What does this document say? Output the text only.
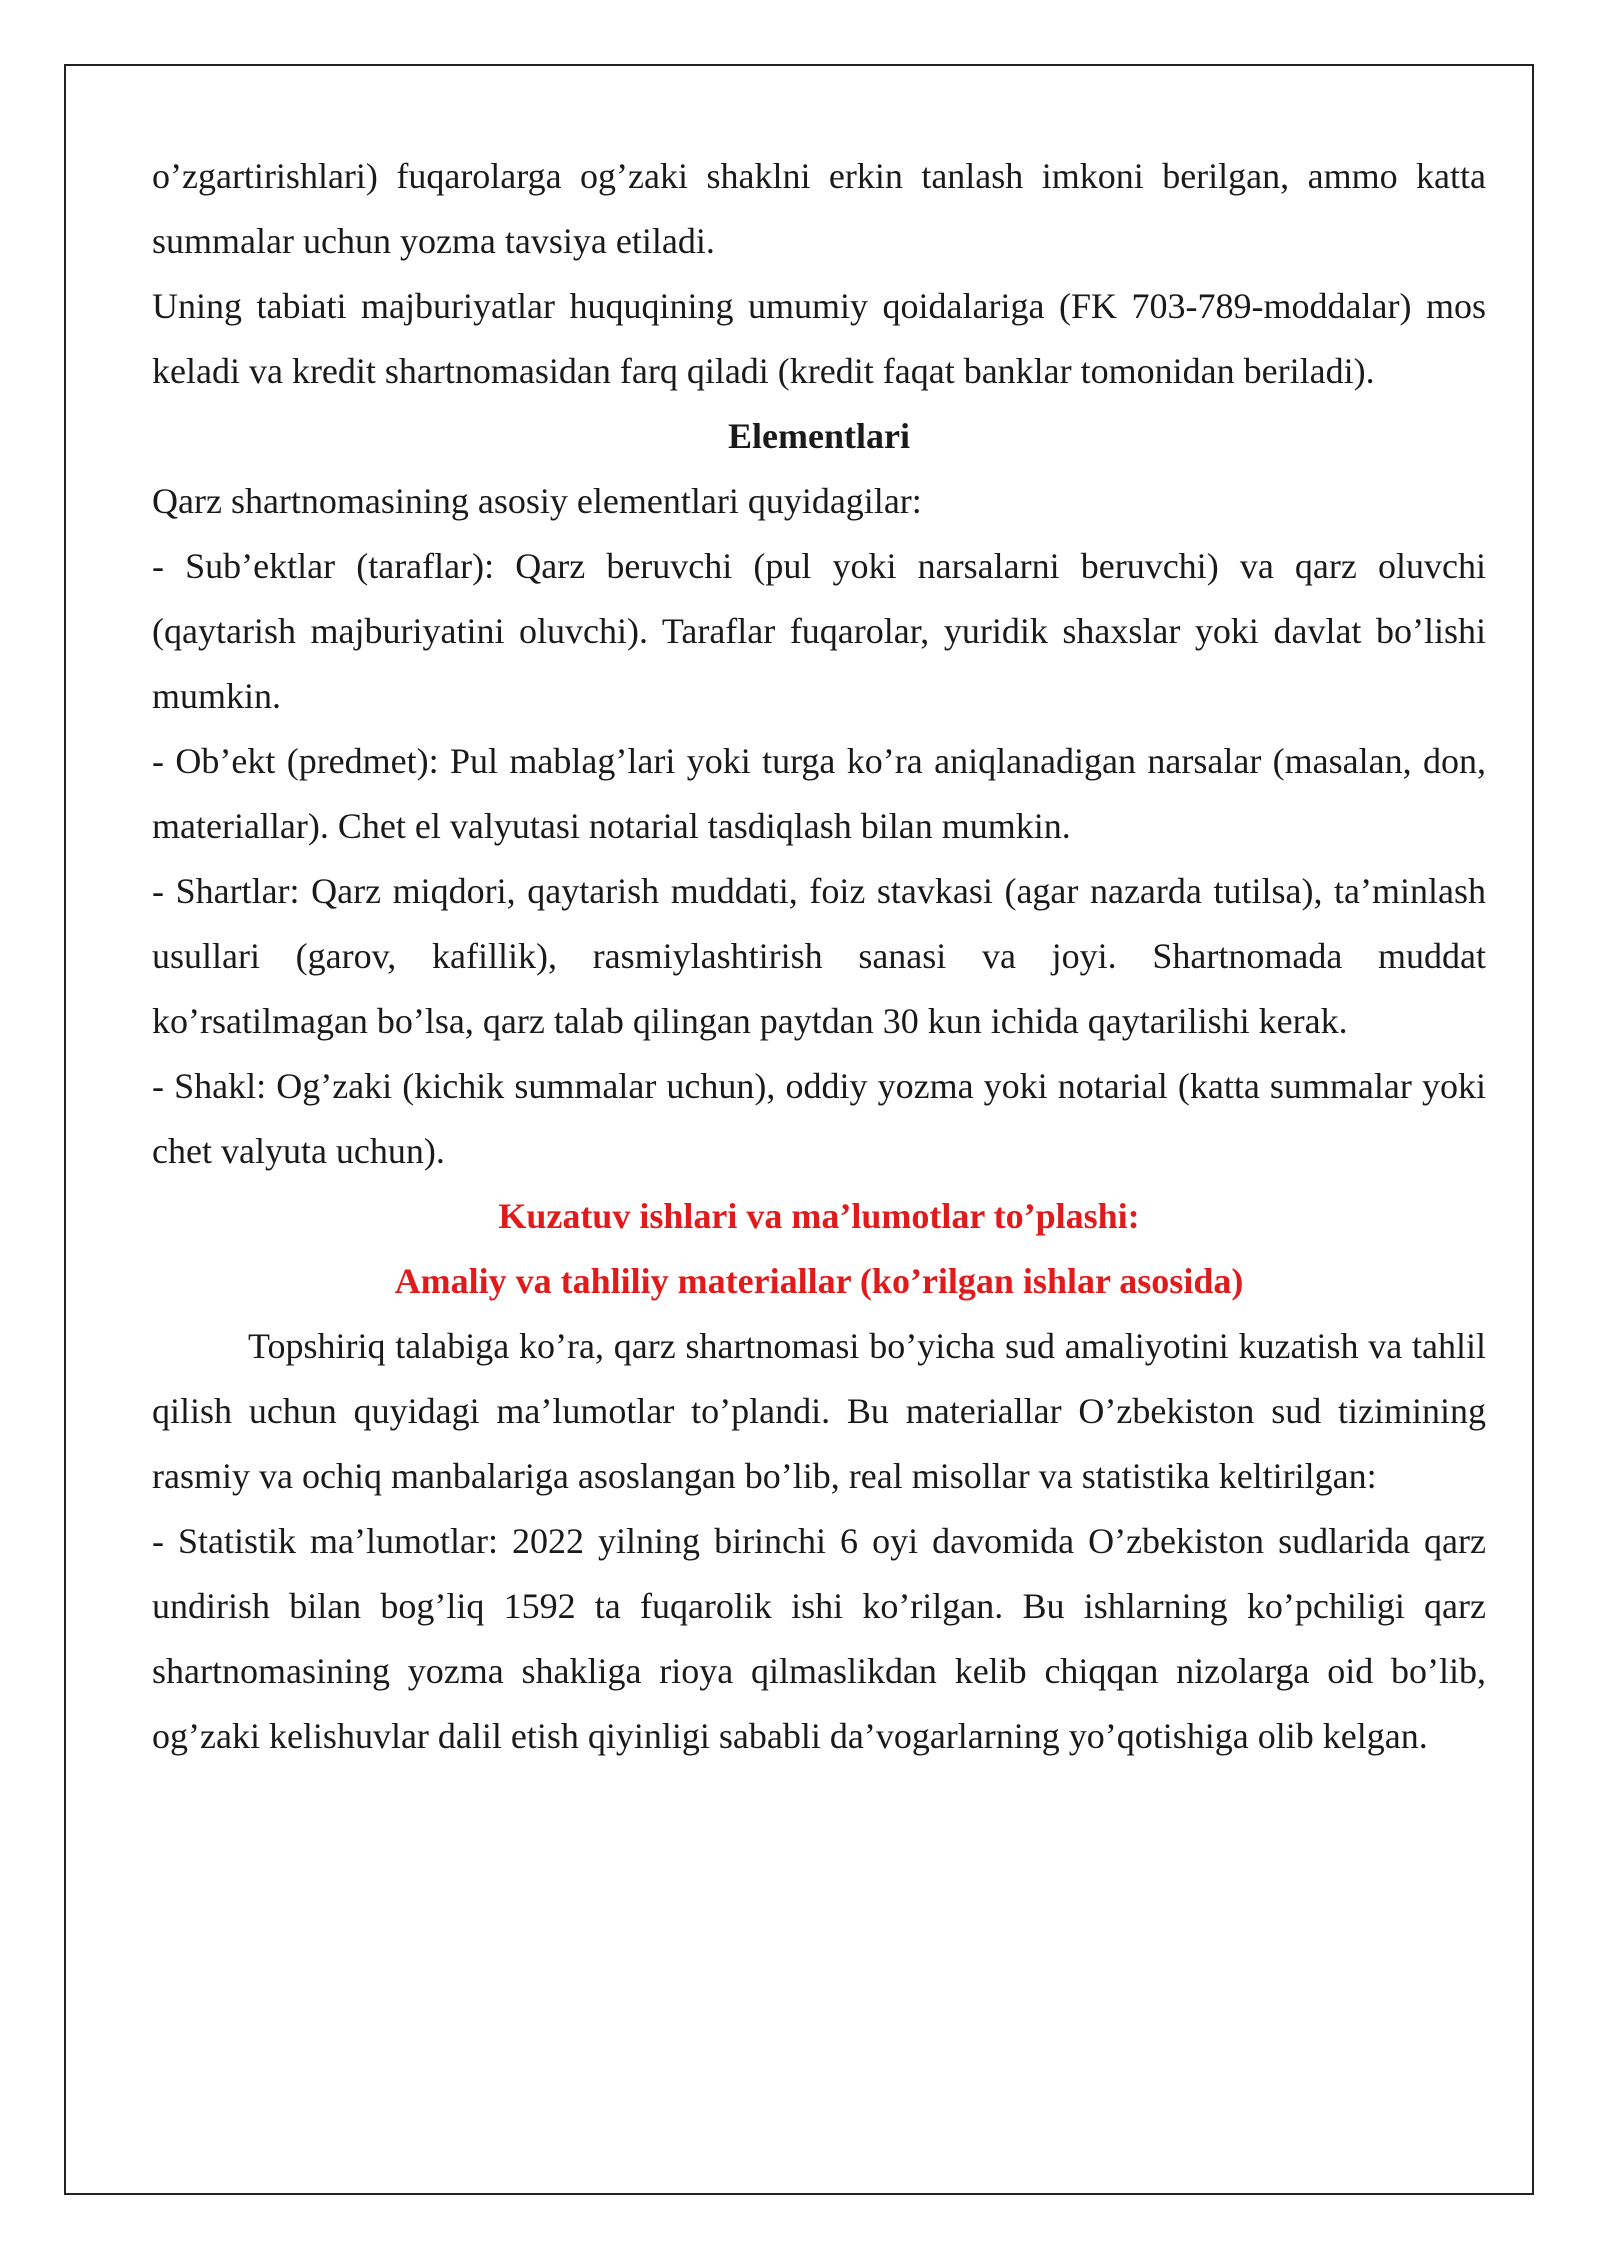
o’zgartirishlari) fuqarolarga og’zaki shaklni erkin tanlash imkoni berilgan, ammo katta summalar uchun yozma tavsiya etiladi.

Uning tabiati majburiyatlar huquqining umumiy qoidalariga (FK 703-789-moddalar) mos keladi va kredit shartnomasidan farq qiladi (kredit faqat banklar tomonidan beriladi).

Elementlari

Qarz shartnomasining asosiy elementlari quyidagilar:

- Sub’ektlar (taraflar): Qarz beruvchi (pul yoki narsalarni beruvchi) va qarz oluvchi (qaytarish majburiyatini oluvchi). Taraflar fuqarolar, yuridik shaxslar yoki davlat bo’lishi mumkin.

- Ob’ekt (predmet): Pul mablag’lari yoki turga ko’ra aniqlanadigan narsalar (masalan, don, materiallar). Chet el valyutasi notarial tasdiqlash bilan mumkin.

- Shartlar: Qarz miqdori, qaytarish muddati, foiz stavkasi (agar nazarda tutilsa), ta’minlash usullari (garov, kafillik), rasmiylashtirish sanasi va joyi. Shartnomada muddat ko’rsatilmagan bo’lsa, qarz talab qilingan paytdan 30 kun ichida qaytarilishi kerak.

- Shakl: Og’zaki (kichik summalar uchun), oddiy yozma yoki notarial (katta summalar yoki chet valyuta uchun).

Kuzatuv ishlari va ma’lumotlar to’plashi:

Amaliy va tahliliy materiallar (ko’rilgan ishlar asosida)

Topshiriq talabiga ko’ra, qarz shartnomasi bo’yicha sud amaliyotini kuzatish va tahlil qilish uchun quyidagi ma’lumotlar to’plandi. Bu materiallar O’zbekiston sud tizimining rasmiy va ochiq manbalariga asoslangan bo’lib, real misollar va statistika keltirilgan:

- Statistik ma’lumotlar: 2022 yilning birinchi 6 oyi davomida O’zbekiston sudlarida qarz undirish bilan bog’liq 1592 ta fuqarolik ishi ko’rilgan. Bu ishlarning ko’pchiligi qarz shartnomasining yozma shakliga rioya qilmaslikdan kelib chiqqan nizolarga oid bo’lib, og’zaki kelishuvlar dalil etish qiyinligi sababli da’vogarlarning yo’qotishiga olib kelgan.
